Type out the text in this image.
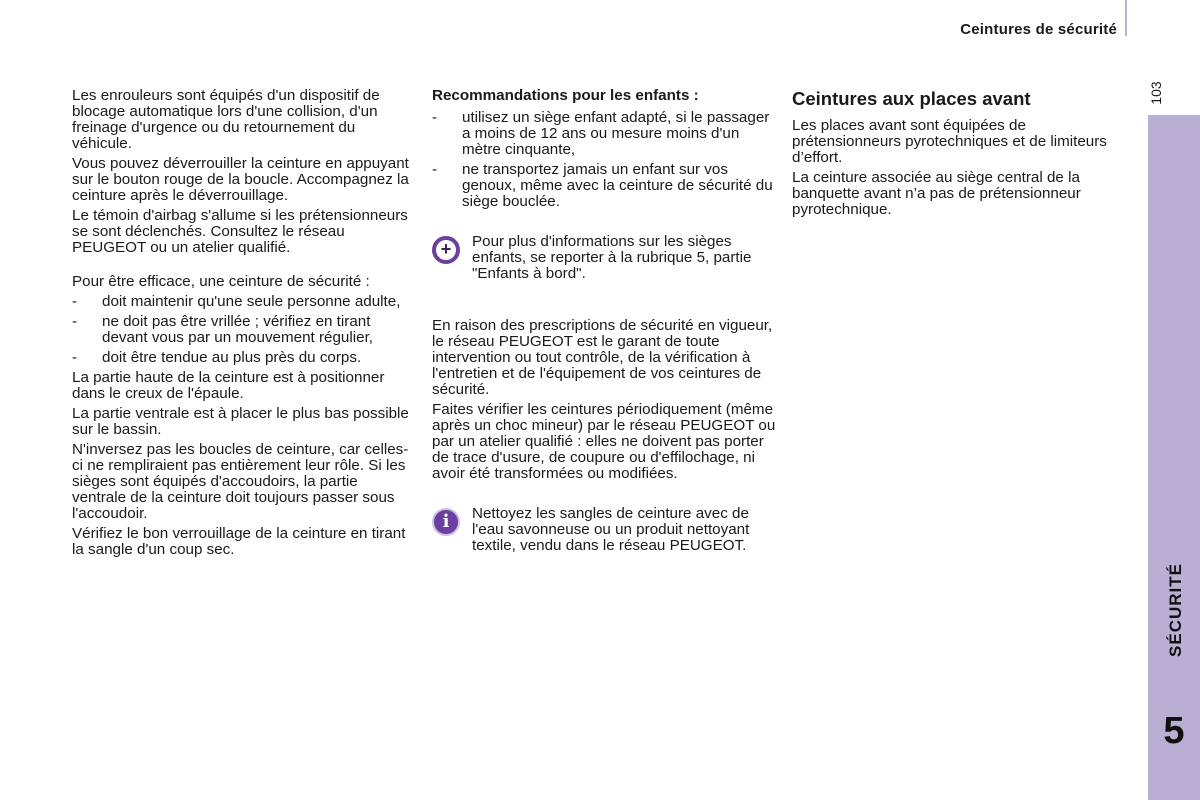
Ceintures de sécurité
103
SÉCURITÉ
5

Les enrouleurs sont équipés d'un dispositif de blocage automatique lors d'une collision, d'un freinage d'urgence ou du retournement du véhicule.

Vous pouvez déverrouiller la ceinture en appuyant sur le bouton rouge de la boucle. Accompagnez la ceinture après le déverrouillage.

Le témoin d'airbag s'allume si les prétensionneurs se sont déclenchés. Consultez le réseau PEUGEOT ou un atelier qualifié.

Pour être efficace, une ceinture de sécurité :

- doit maintenir qu'une seule personne adulte,
- ne doit pas être vrillée ; vérifiez en tirant devant vous par un mouvement régulier,
- doit être tendue au plus près du corps.

La partie haute de la ceinture est à positionner dans le creux de l'épaule.

La partie ventrale est à placer le plus bas possible sur le bassin.

N'inversez pas les boucles de ceinture, car celles-ci ne rempliraient pas entièrement leur rôle. Si les sièges sont équipés d'accoudoirs, la partie ventrale de la ceinture doit toujours passer sous l'accoudoir.

Vérifiez le bon verrouillage de la ceinture en tirant la sangle d'un coup sec.

Recommandations pour les enfants :

- utilisez un siège enfant adapté, si le passager a moins de 12 ans ou mesure moins d'un mètre cinquante,
- ne transportez jamais un enfant sur vos genoux, même avec la ceinture de sécurité du siège bouclée.
+	Pour plus d'informations sur les sièges enfants, se reporter à la rubrique 5, partie "Enfants à bord".

En raison des prescriptions de sécurité en vigueur, le réseau PEUGEOT est le garant de toute intervention ou tout contrôle, de la vérification à l'entretien et de l'équipement de vos ceintures de sécurité.

Faites vérifier les ceintures périodiquement (même après un choc mineur) par le réseau PEUGEOT ou par un atelier qualifié : elles ne doivent pas porter de trace d'usure, de coupure ou d'effilochage, ni avoir été transformées ou modifiées.

i	Nettoyez les sangles de ceinture avec de l'eau savonneuse ou un produit nettoyant textile, vendu dans le réseau PEUGEOT.

Ceintures aux places avant

Les places avant sont équipées de prétensionneurs pyrotechniques et de limiteurs d’effort.

La ceinture associée au siège central de la banquette avant n’a pas de prétensionneur pyrotechnique.
